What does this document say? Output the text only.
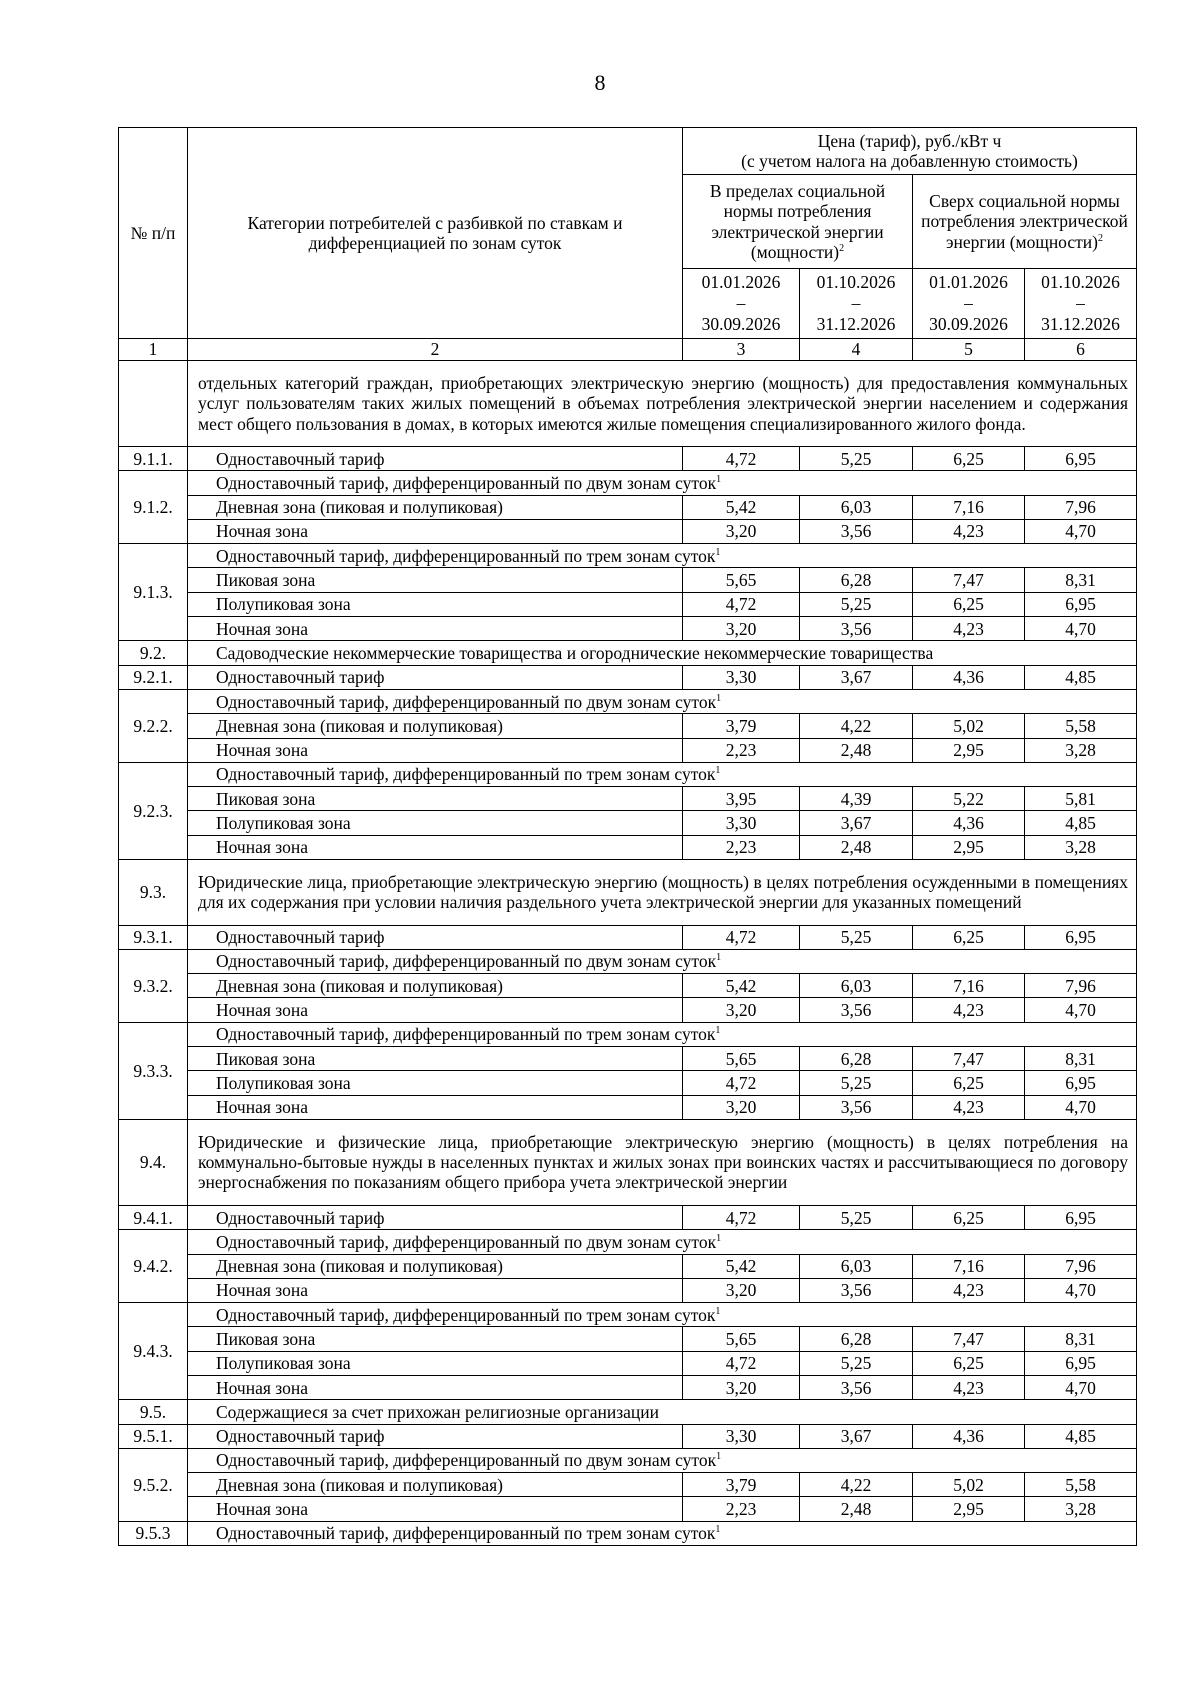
8
№ п/п	Категории потребителей с разбивкой по ставкам и дифференциацией по зонам суток	Цена (тариф), руб./кВт ч
(с учетом налога на добавленную стоимость)			

		В пределах социальной нормы потребления электрической энергии (мощности)$^2$		Сверх социальной нормы потребления электрической энергии (мощности)$^2$

		01.01.2026
–
30.09.2026	01.10.2026
–
31.12.2026	01.01.2026
–
30.09.2026	01.10.2026
–
31.12.2026

1	2	3	4	5	6
	отдельных категорий граждан, приобретающих электрическую энергию (мощность) для предоставления коммунальных услуг пользователям таких жилых помещений в объемах потребления электрической энергии населением и содержания мест общего пользования в домах, в которых имеются жилые помещения специализированного жилого фонда.				
9.1.1.	Одноставочный тариф	4,72	5,25	6,25	6,95
9.1.2.	Одноставочный тариф, дифференцированный по двум зонам суток$^1$
	Дневная зона (пиковая и полупиковая)	5,42	6,03	7,16	7,96
	Ночная зона	3,20	3,56	4,23	4,70
9.1.3.	Одноставочный тариф, дифференцированный по трем зонам суток$^1$
	Пиковая зона	5,65	6,28	7,47	8,31
	Полупиковая зона	4,72	5,25	6,25	6,95
	Ночная зона	3,20	3,56	4,23	4,70
9.2.	Садоводческие некоммерческие товарищества и огороднические некоммерческие товарищества				
9.2.1.	Одноставочный тариф	3,30	3,67	4,36	4,85
9.2.2.	Одноставочный тариф, дифференцированный по двум зонам суток$^1$
	Дневная зона (пиковая и полупиковая)	3,79	4,22	5,02	5,58
	Ночная зона	2,23	2,48	2,95	3,28
9.2.3.	Одноставочный тариф, дифференцированный по трем зонам суток$^1$
	Пиковая зона	3,95	4,39	5,22	5,81
	Полупиковая зона	3,30	3,67	4,36	4,85
	Ночная зона	2,23	2,48	2,95	3,28
9.3.	Юридические лица, приобретающие электрическую энергию (мощность) в целях потребления осужденными в помещениях для их содержания при условии наличия раздельного учета электрической энергии для указанных помещений				
9.3.1.	Одноставочный тариф	4,72	5,25	6,25	6,95
9.3.2.	Одноставочный тариф, дифференцированный по двум зонам суток$^1$
	Дневная зона (пиковая и полупиковая)	5,42	6,03	7,16	7,96
	Ночная зона	3,20	3,56	4,23	4,70
9.3.3.	Одноставочный тариф, дифференцированный по трем зонам суток$^1$
	Пиковая зона	5,65	6,28	7,47	8,31
	Полупиковая зона	4,72	5,25	6,25	6,95
	Ночная зона	3,20	3,56	4,23	4,70
9.4.	Юридические и физические лица, приобретающие электрическую энергию (мощность) в целях потребления на коммунально-бытовые нужды в населенных пунктах и жилых зонах при воинских частях и рассчитывающиеся по договору энергоснабжения по показаниям общего прибора учета электрической энергии				
9.4.1.	Одноставочный тариф	4,72	5,25	6,25	6,95
9.4.2.	Одноставочный тариф, дифференцированный по двум зонам суток$^1$
	Дневная зона (пиковая и полупиковая)	5,42	6,03	7,16	7,96
	Ночная зона	3,20	3,56	4,23	4,70
9.4.3.	Одноставочный тариф, дифференцированный по трем зонам суток$^1$
	Пиковая зона	5,65	6,28	7,47	8,31
	Полупиковая зона	4,72	5,25	6,25	6,95
	Ночная зона	3,20	3,56	4,23	4,70
9.5.	Содержащиеся за счет прихожан религиозные организации				
9.5.1.	Одноставочный тариф	3,30	3,67	4,36	4,85
9.5.2.	Одноставочный тариф, дифференцированный по двум зонам суток$^1$
	Дневная зона (пиковая и полупиковая)	3,79	4,22	5,02	5,58
	Ночная зона	2,23	2,48	2,95	3,28
9.5.3	Одноставочный тариф, дифференцированный по трем зонам суток$^1$
